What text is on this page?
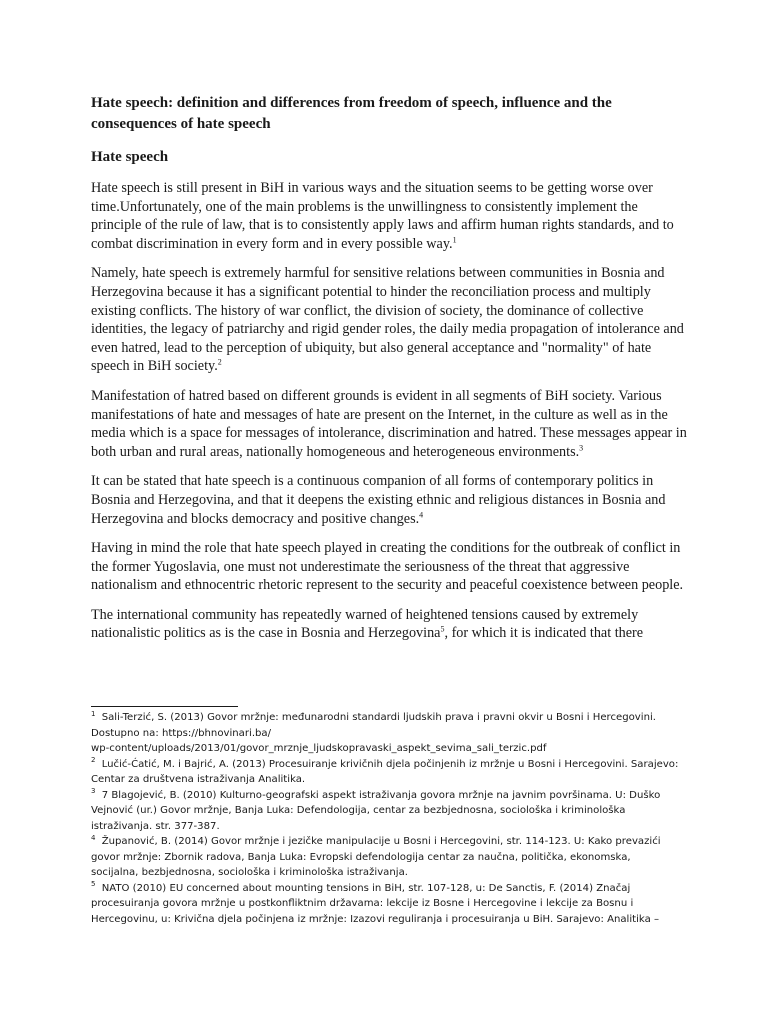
Hate speech: definition and differences from freedom of speech, influence and the consequences of hate speech
Hate speech

Hate speech is still present in BiH in various ways and the situation seems to be getting worse over time.Unfortunately, one of the main problems is the unwillingness to consistently implement the principle of the rule of law, that is to consistently apply laws and affirm human rights standards, and to combat discrimination in every form and in every possible way.$^1$

Namely, hate speech is extremely harmful for sensitive relations between communities in Bosnia and Herzegovina because it has a significant potential to hinder the reconciliation process and multiply existing conflicts. The history of war conflict, the division of society, the dominance of collective identities, the legacy of patriarchy and rigid gender roles, the daily media propagation of intolerance and even hatred, lead to the perception of ubiquity, but also general acceptance and "normality" of hate speech in BiH society.$^2$

Manifestation of hatred based on different grounds is evident in all segments of BiH society. Various manifestations of hate and messages of hate are present on the Internet, in the culture as well as in the media which is a space for messages of intolerance, discrimination and hatred. These messages appear in both urban and rural areas, nationally homogeneous and heterogeneous environments.$^3$

It can be stated that hate speech is a continuous companion of all forms of contemporary politics in Bosnia and Herzegovina, and that it deepens the existing ethnic and religious distances in Bosnia and Herzegovina and blocks democracy and positive changes.$^4$

Having in mind the role that hate speech played in creating the conditions for the outbreak of conflict in the former Yugoslavia, one must not underestimate the seriousness of the threat that aggressive nationalism and ethnocentric rhetoric represent to the security and peaceful coexistence between people.

The international community has repeatedly warned of heightened tensions caused by extremely nationalistic politics as is the case in Bosnia and Herzegovina$^5$, for which it is indicated that there

$^1$ Sali-Terzić, S. (2013) Govor mržnje: međunarodni standardi ljudskih prava i pravni okvir u Bosni i Hercegovini.
Dostupno na: https://bhnovinari.ba/
wp-content/uploads/2013/01/govor_mrznje_ljudskopravaski_aspekt_sevima_sali_terzic.pdf
$^2$ Lučić-Ćatić, M. i Bajrić, A. (2013) Procesuiranje krivičnih djela počinjenih iz mržnje u Bosni i Hercegovini. Sarajevo:
Centar za društvena istraživanja Analitika.
$^3$ 7 Blagojević, B. (2010) Kulturno-geografski aspekt istraživanja govora mržnje na javnim površinama. U: Duško
Vejnović (ur.) Govor mržnje, Banja Luka: Defendologija, centar za bezbjednosna, sociološka i kriminološka
istraživanja. str. 377-387.
$^4$ Županović, B. (2014) Govor mržnje i jezičke manipulacije u Bosni i Hercegovini, str. 114-123. U: Kako prevazići
govor mržnje: Zbornik radova, Banja Luka: Evropski defendologija centar za naučna, politička, ekonomska,
socijalna, bezbjednosna, sociološka i kriminološka istraživanja.
$^5$ NATO (2010) EU concerned about mounting tensions in BiH, str. 107-128, u: De Sanctis, F. (2014) Značaj
procesuiranja govora mržnje u postkonfliktnim državama: lekcije iz Bosne i Hercegovine i lekcije za Bosnu i
Hercegovinu, u: Krivična djela počinjena iz mržnje: Izazovi reguliranja i procesuiranja u BiH. Sarajevo: Analitika –
